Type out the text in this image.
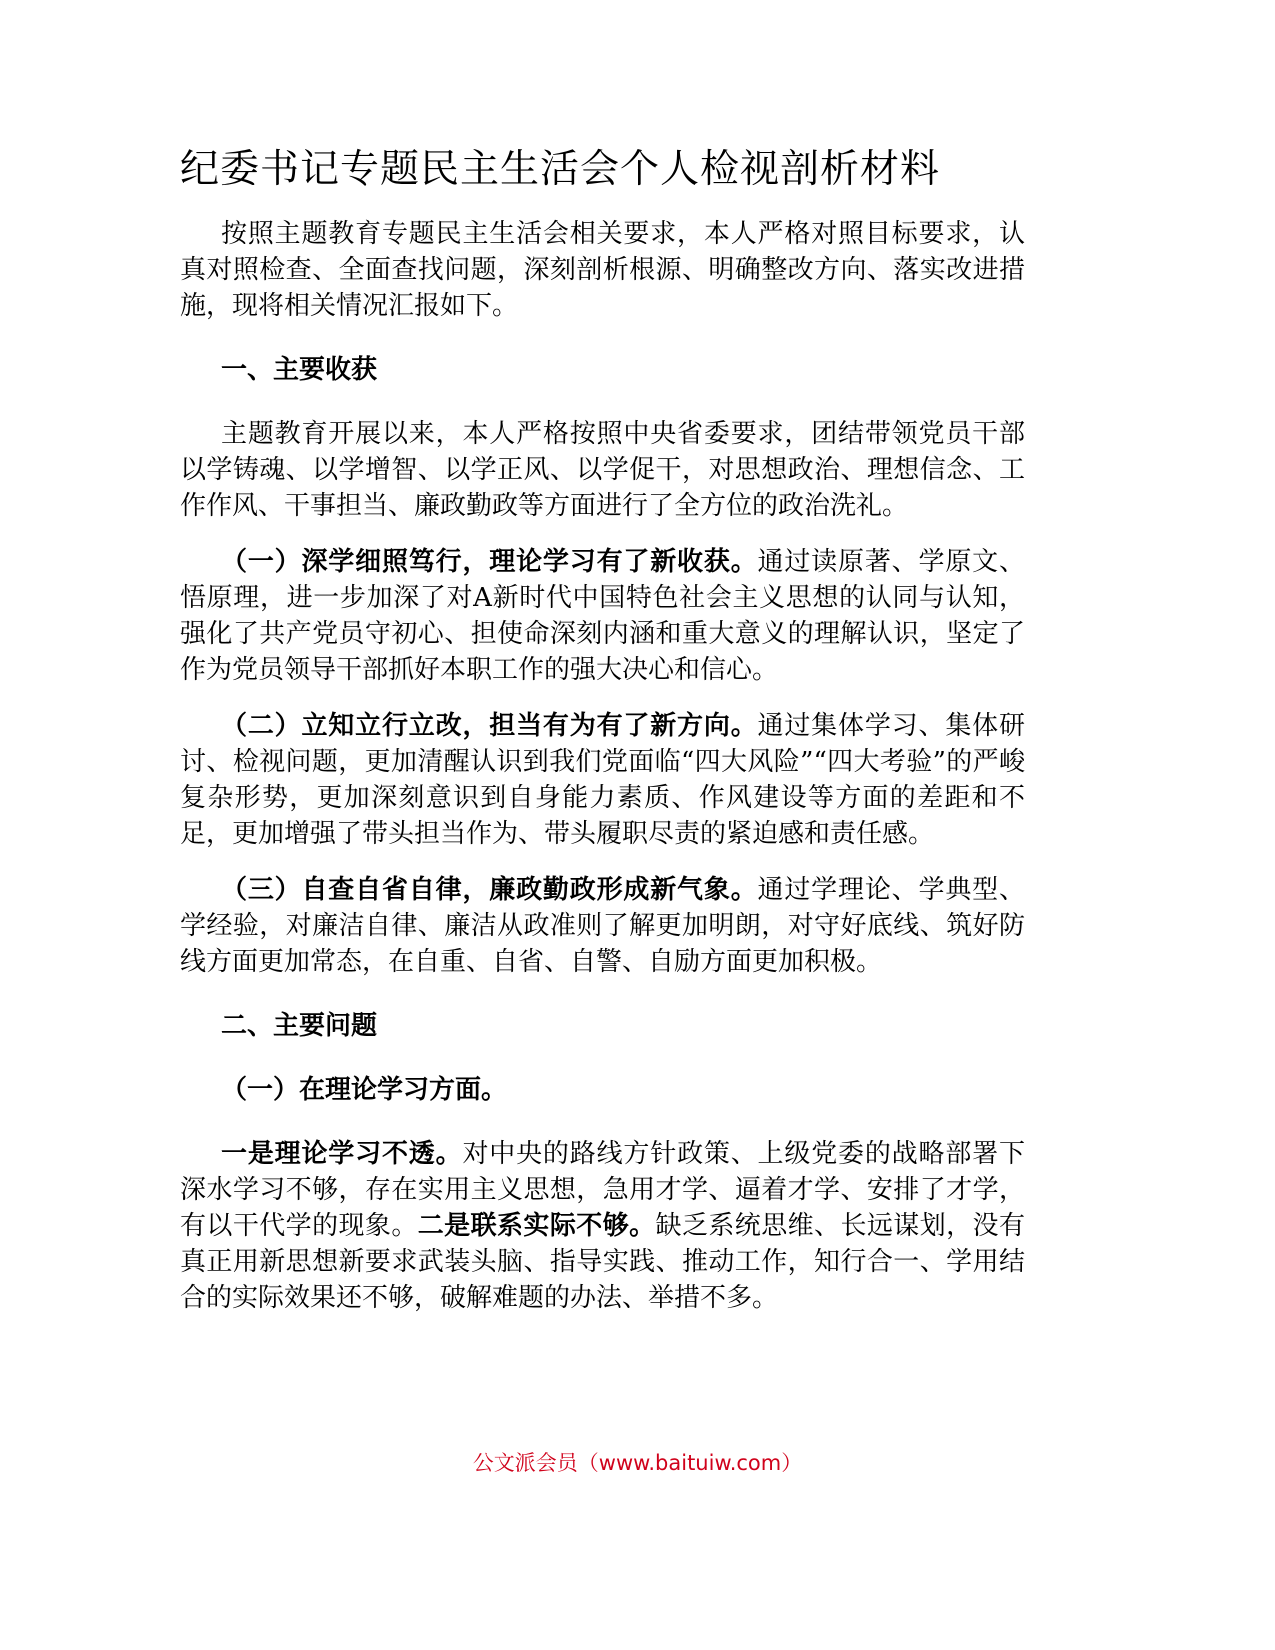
纪委书记专题民主生活会个人检视剖析材料

按照主题教育专题民主生活会相关要求，本人严格对照目标要求，认真对照检查、全面查找问题，深刻剖析根源、明确整改方向、落实改进措施，现将相关情况汇报如下。

一、主要收获

主题教育开展以来，本人严格按照中央省委要求，团结带领党员干部以学铸魂、以学增智、以学正风、以学促干，对思想政治、理想信念、工作作风、干事担当、廉政勤政等方面进行了全方位的政治洗礼。

（一）深学细照笃行，理论学习有了新收获。通过读原著、学原文、悟原理，进一步加深了对A新时代中国特色社会主义思想的认同与认知，强化了共产党员守初心、担使命深刻内涵和重大意义的理解认识，坚定了作为党员领导干部抓好本职工作的强大决心和信心。

（二）立知立行立改，担当有为有了新方向。通过集体学习、集体研讨、检视问题，更加清醒认识到我们党面临“四大风险”“四大考验”的严峻复杂形势，更加深刻意识到自身能力素质、作风建设等方面的差距和不足，更加增强了带头担当作为、带头履职尽责的紧迫感和责任感。

（三）自查自省自律，廉政勤政形成新气象。通过学理论、学典型、学经验，对廉洁自律、廉洁从政准则了解更加明朗，对守好底线、筑好防线方面更加常态，在自重、自省、自警、自励方面更加积极。

二、主要问题

（一）在理论学习方面。

一是理论学习不透。对中央的路线方针政策、上级党委的战略部署下深水学习不够，存在实用主义思想，急用才学、逼着才学、安排了才学，有以干代学的现象。二是联系实际不够。缺乏系统思维、长远谋划，没有真正用新思想新要求武装头脑、指导实践、推动工作，知行合一、学用结合的实际效果还不够，破解难题的办法、举措不多。

公文派会员（www.baituiw.com）
